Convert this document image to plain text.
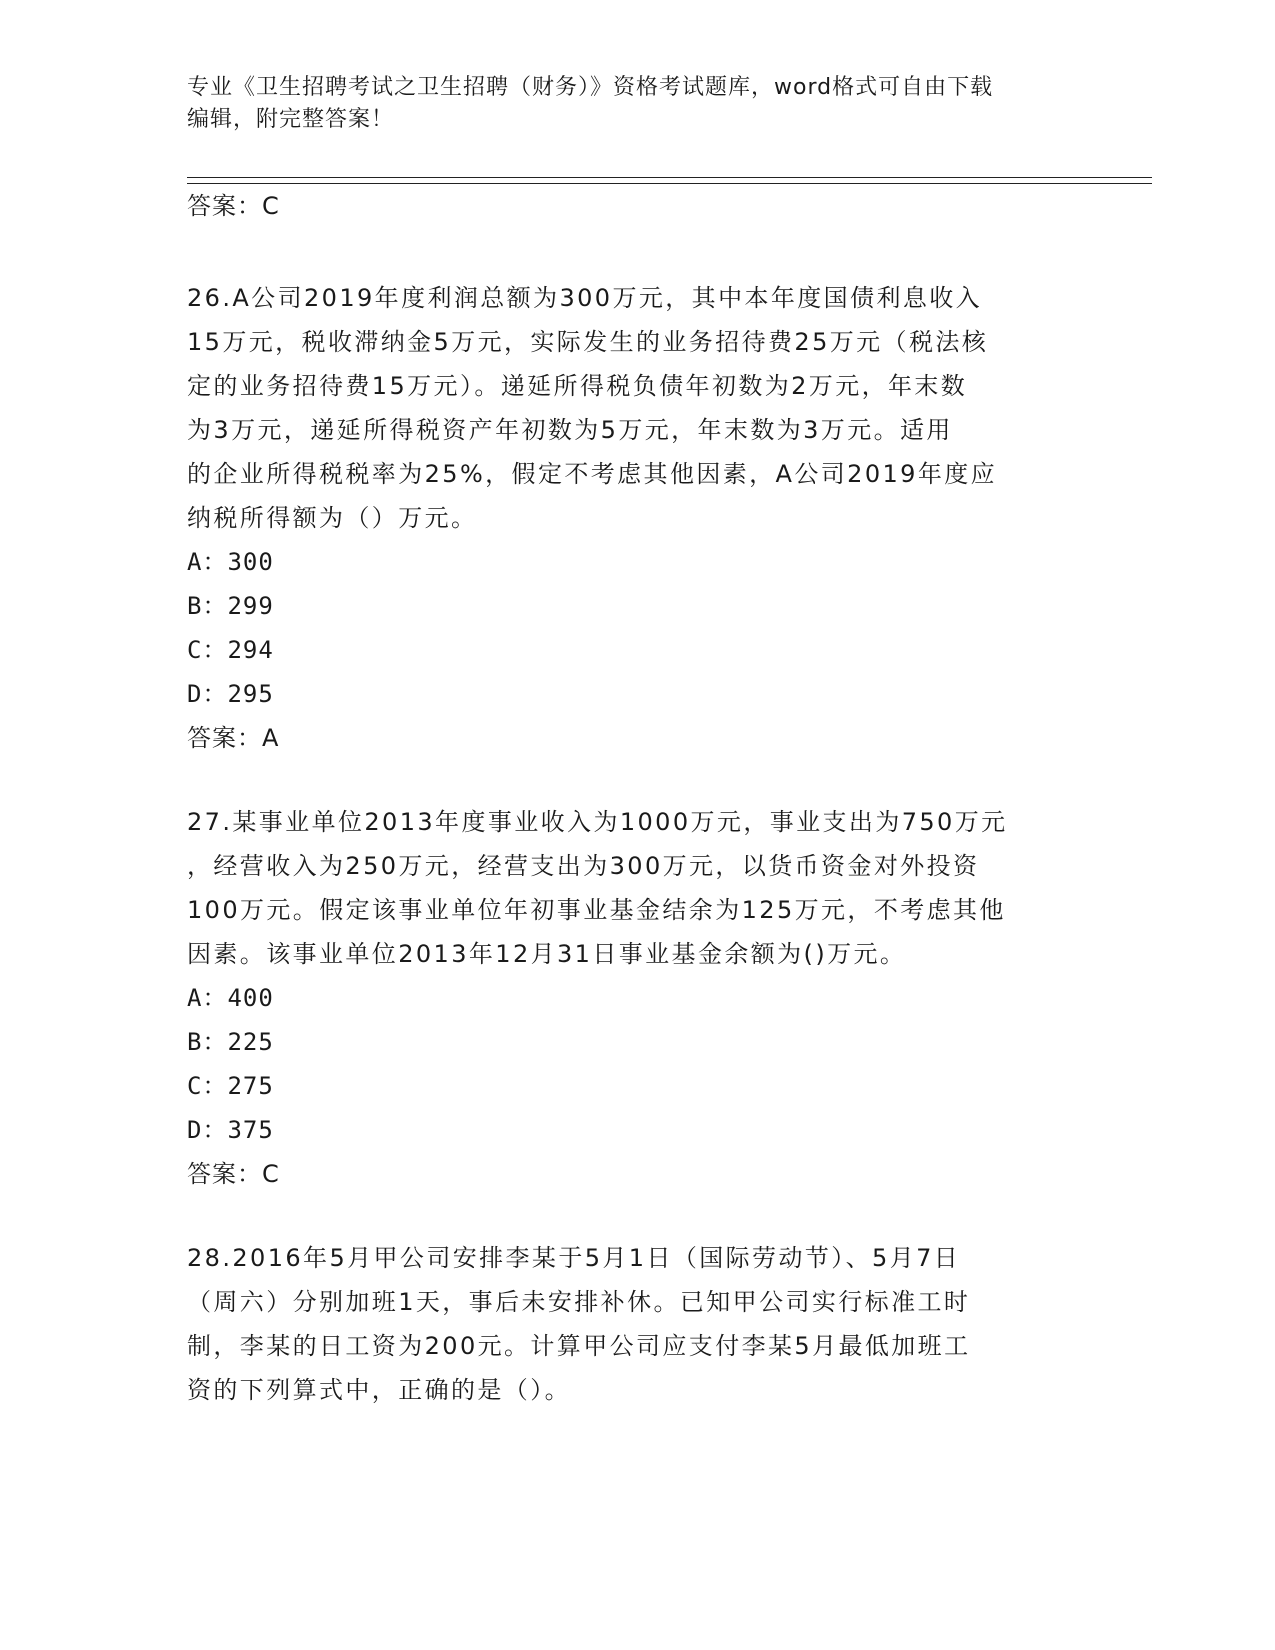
专业《卫生招聘考试之卫生招聘（财务）》资格考试题库，word格式可自由下载
编辑，附完整答案！
答案：C
26.A公司2019年度利润总额为300万元，其中本年度国债利息收入
15万元，税收滞纳金5万元，实际发生的业务招待费25万元（税法核
定的业务招待费15万元）。递延所得税负债年初数为2万元，年末数
为3万元，递延所得税资产年初数为5万元，年末数为3万元。适用
的企业所得税税率为25%，假定不考虑其他因素，A公司2019年度应
纳税所得额为（）万元。
A：300
B：299
C：294
D：295
答案：A
27.某事业单位2013年度事业收入为1000万元，事业支出为750万元
，经营收入为250万元，经营支出为300万元，以货币资金对外投资
100万元。假定该事业单位年初事业基金结余为125万元，不考虑其他
因素。该事业单位2013年12月31日事业基金余额为()万元。
A：400
B：225
C：275
D：375
答案：C
28.2016年5月甲公司安排李某于5月1日（国际劳动节）、5月7日
（周六）分别加班1天，事后未安排补休。已知甲公司实行标准工时
制，李某的日工资为200元。计算甲公司应支付李某5月最低加班工
资的下列算式中，正确的是（）。
